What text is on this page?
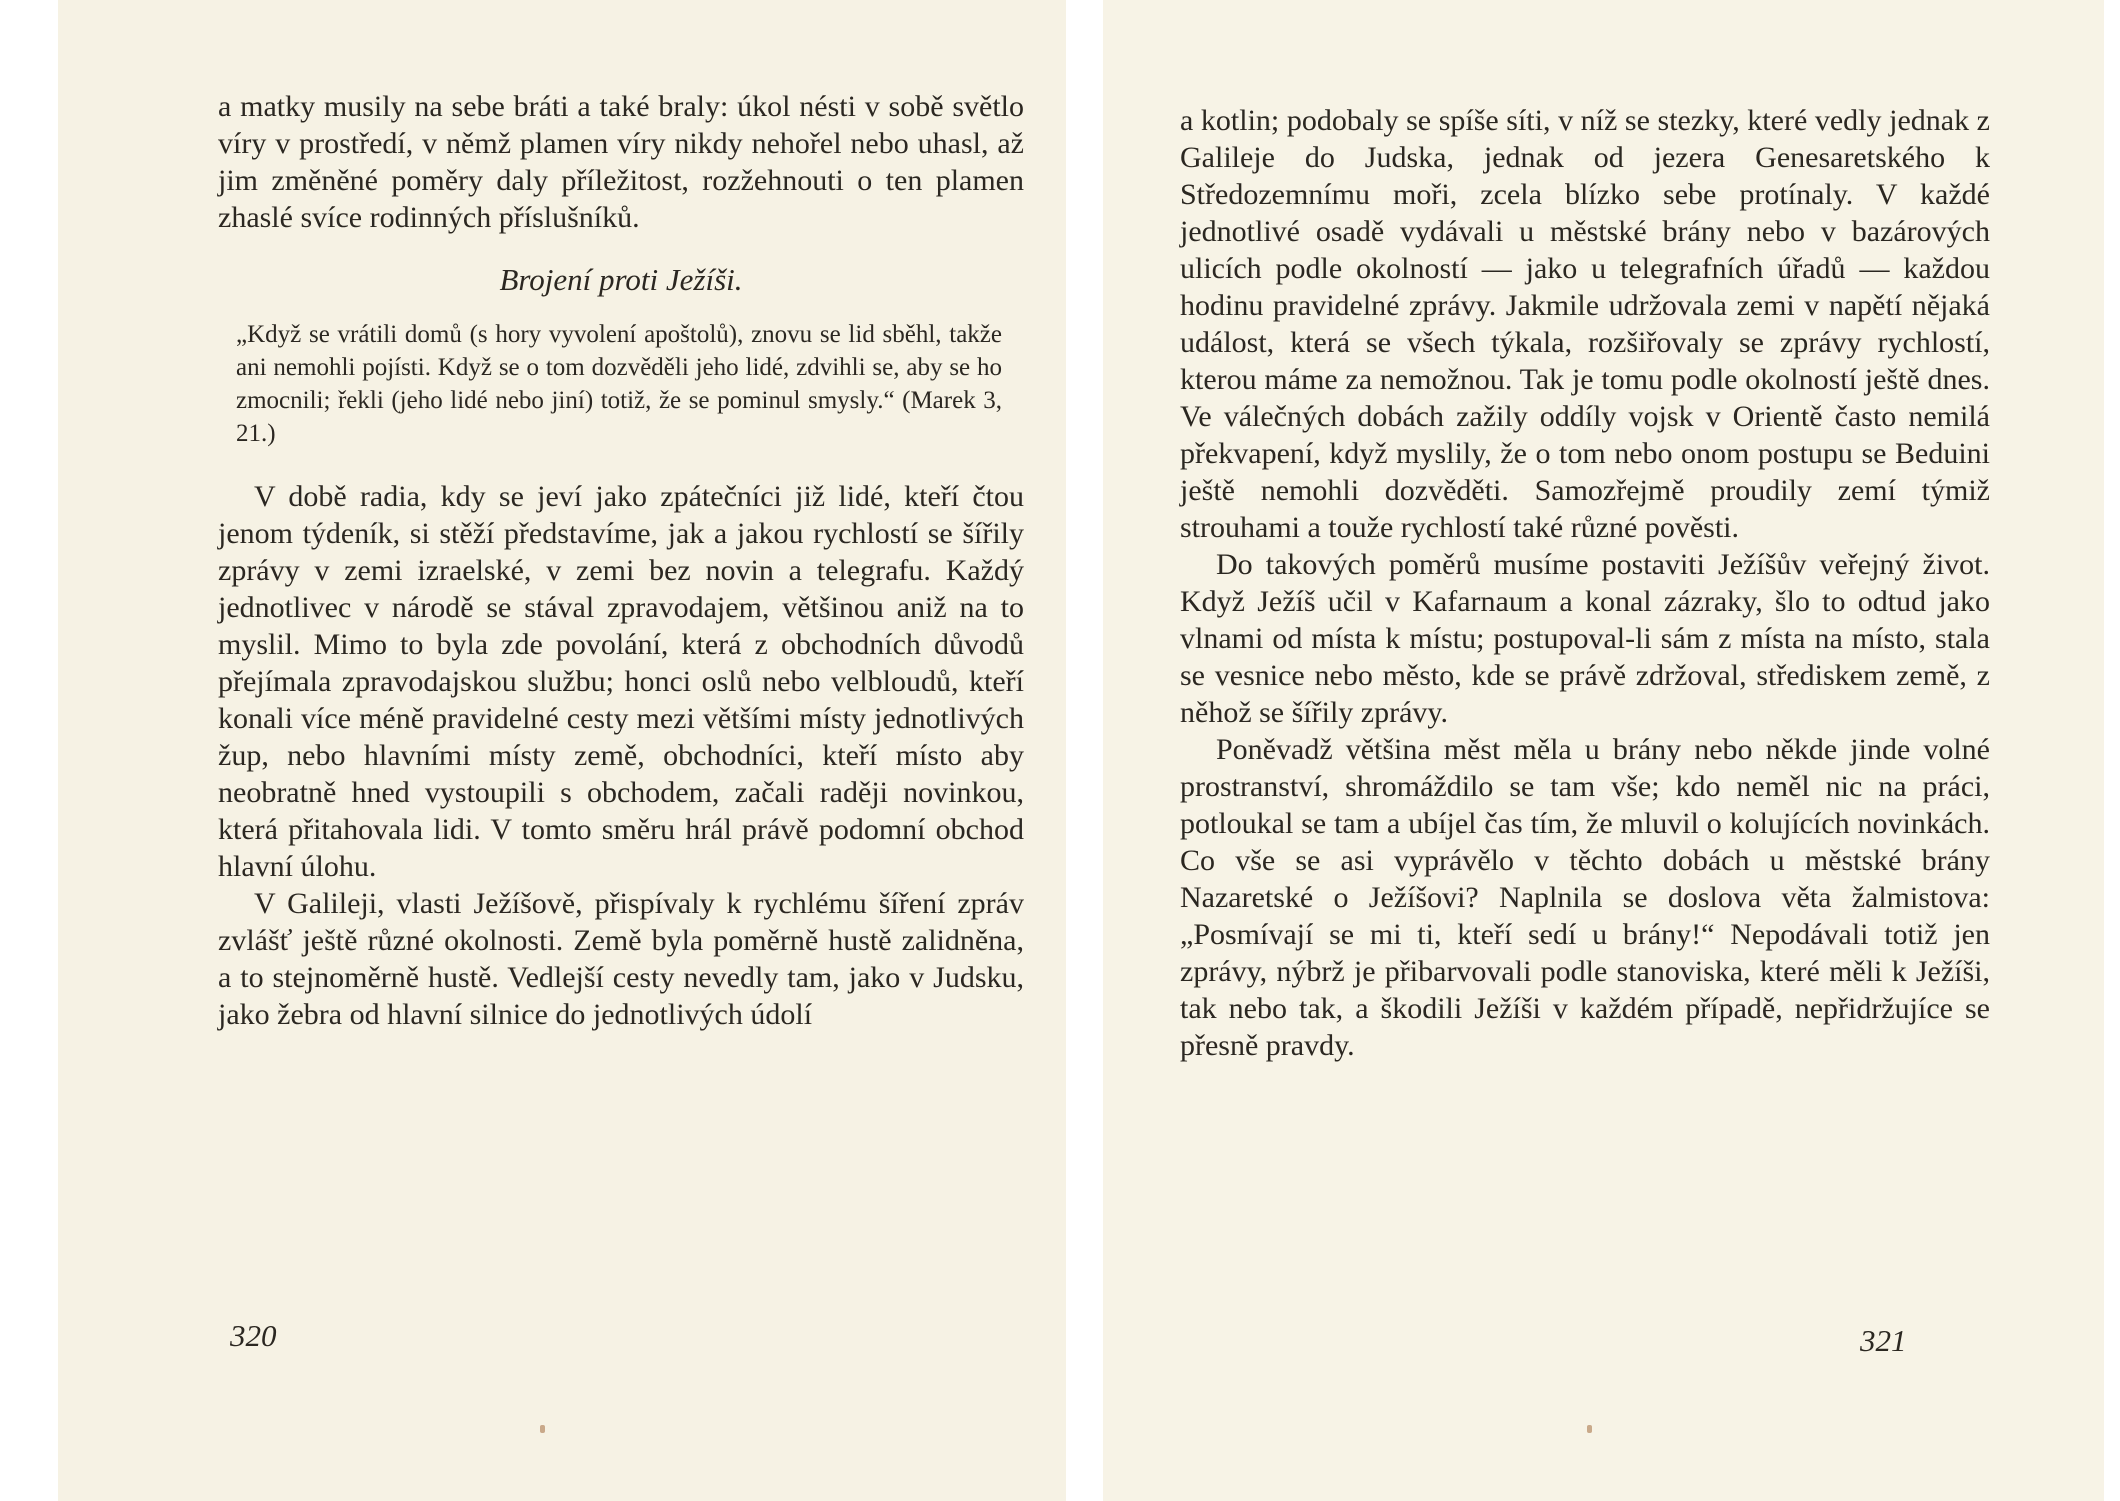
a matky musily na sebe bráti a také braly: úkol nésti v sobě světlo víry v prostředí, v němž plamen víry nikdy nehořel nebo uhasl, až jim změněné poměry daly příležitost, rozžehnouti o ten plamen zhaslé svíce rodinných příslušníků.

Brojení proti Ježíši.

„Když se vrátili domů (s hory vyvolení apoštolů), znovu se lid sběhl, takže ani nemohli pojísti. Když se o tom dozvěděli jeho lidé, zdvihli se, aby se ho zmocnili; řekli (jeho lidé nebo jiní) totiž, že se pominul smysly.“ (Marek 3, 21.)

V době radia, kdy se jeví jako zpátečníci již lidé, kteří čtou jenom týdeník, si stěží představíme, jak a jakou rychlostí se šířily zprávy v zemi izraelské, v zemi bez novin a telegrafu. Každý jednotlivec v národě se stával zpravodajem, většinou aniž na to myslil. Mimo to byla zde povolání, která z obchodních důvodů přejímala zpravodajskou službu; honci oslů nebo velbloudů, kteří konali více méně pravidelné cesty mezi většími místy jednotlivých žup, nebo hlavními místy země, obchodníci, kteří místo aby neobratně hned vystoupili s obchodem, začali raději novinkou, která přitahovala lidi. V tomto směru hrál právě podomní obchod hlavní úlohu.

V Galileji, vlasti Ježíšově, přispívaly k rychlému šíření zpráv zvlášť ještě různé okolnosti. Země byla poměrně hustě zalidněna, a to stejnoměrně hustě. Vedlejší cesty nevedly tam, jako v Judsku, jako žebra od hlavní silnice do jednotlivých údolí

320

a kotlin; podobaly se spíše síti, v níž se stezky, které vedly jednak z Galileje do Judska, jednak od jezera Genesaretského k Středozemnímu moři, zcela blízko sebe protínaly. V každé jednotlivé osadě vydávali u městské brány nebo v bazárových ulicích podle okolností — jako u telegrafních úřadů — každou hodinu pravidelné zprávy. Jakmile udržovala zemi v napětí nějaká událost, která se všech týkala, rozšiřovaly se zprávy rychlostí, kterou máme za nemožnou. Tak je tomu podle okolností ještě dnes. Ve válečných dobách zažily oddíly vojsk v Orientě často nemilá překvapení, když myslily, že o tom nebo onom postupu se Beduini ještě nemohli dozvěděti. Samozřejmě proudily zemí týmiž strouhami a touže rychlostí také různé pověsti.

Do takových poměrů musíme postaviti Ježíšův veřejný život. Když Ježíš učil v Kafarnaum a konal zázraky, šlo to odtud jako vlnami od místa k místu; postupoval-li sám z místa na místo, stala se vesnice nebo město, kde se právě zdržoval, střediskem země, z něhož se šířily zprávy.

Poněvadž většina měst měla u brány nebo někde jinde volné prostranství, shromáždilo se tam vše; kdo neměl nic na práci, potloukal se tam a ubíjel čas tím, že mluvil o kolujících novinkách. Co vše se asi vyprávělo v těchto dobách u městské brány Nazaretské o Ježíšovi? Naplnila se doslova věta žalmistova: „Posmívají se mi ti, kteří sedí u brány!“ Nepodávali totiž jen zprávy, nýbrž je přibarvovali podle stanoviska, které měli k Ježíši, tak nebo tak, a škodili Ježíši v každém případě, nepřidržujíce se přesně pravdy.

321
